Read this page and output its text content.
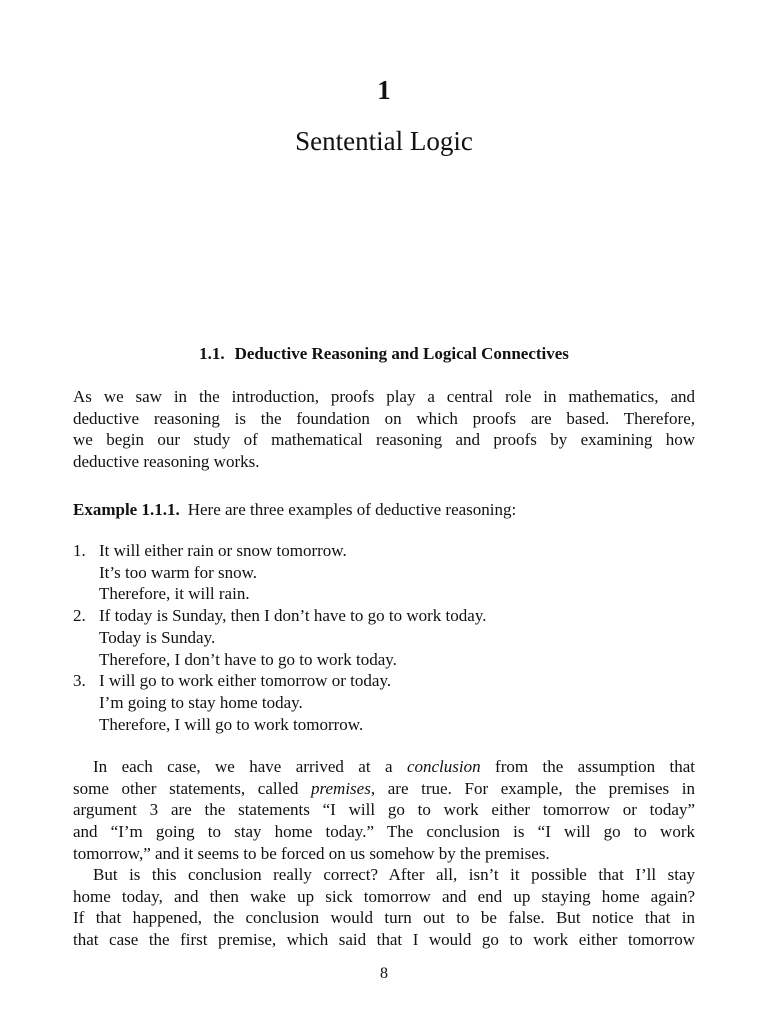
1
Sentential Logic
1.1. Deductive Reasoning and Logical Connectives
As we saw in the introduction, proofs play a central role in mathematics, and
deductive reasoning is the foundation on which proofs are based. Therefore,
we begin our study of mathematical reasoning and proofs by examining how
deductive reasoning works.
Example 1.1.1. Here are three examples of deductive reasoning:
1. It will either rain or snow tomorrow.
It’s too warm for snow.
Therefore, it will rain.
2. If today is Sunday, then I don’t have to go to work today.
Today is Sunday.
Therefore, I don’t have to go to work today.
3. I will go to work either tomorrow or today.
I’m going to stay home today.
Therefore, I will go to work tomorrow.
In each case, we have arrived at a conclusion from the assumption that
some other statements, called premises, are true. For example, the premises in
argument 3 are the statements “I will go to work either tomorrow or today”
and “I’m going to stay home today.” The conclusion is “I will go to work
tomorrow,” and it seems to be forced on us somehow by the premises.
But is this conclusion really correct? After all, isn’t it possible that I’ll stay
home today, and then wake up sick tomorrow and end up staying home again?
If that happened, the conclusion would turn out to be false. But notice that in
that case the first premise, which said that I would go to work either tomorrow
8
